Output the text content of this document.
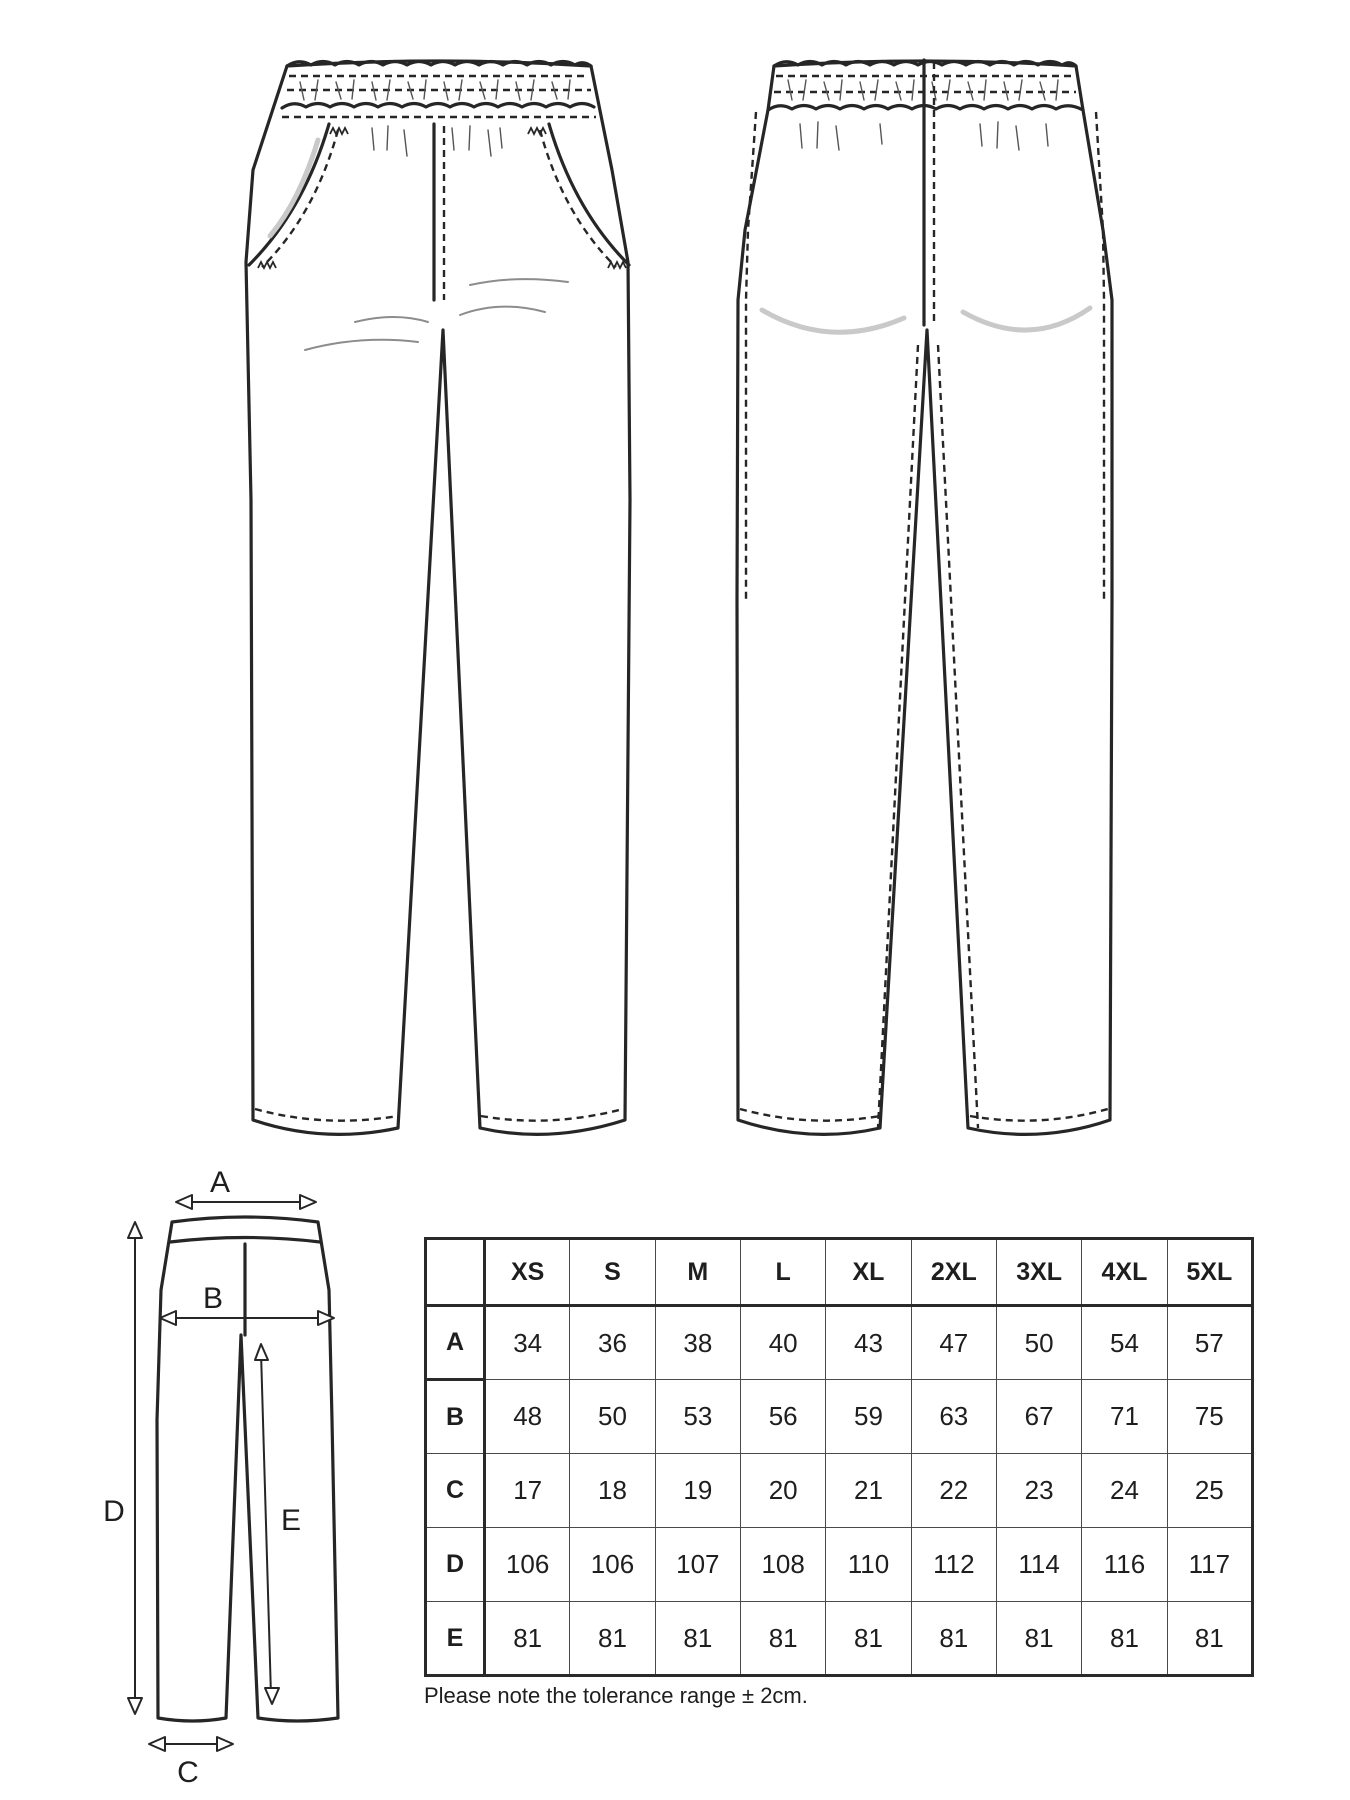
A
B
D	E
C
	XS	S	M	L	XL	2XL	3XL	4XL	5XL
A	34	36	38	40	43	47	50	54	57
B	48	50	53	56	59	63	67	71	75
C	17	18	19	20	21	22	23	24	25
D	106	106	107	108	110	112	114	116	117
E	81	81	81	81	81	81	81	81	81
Please note the tolerance range ± 2cm.
